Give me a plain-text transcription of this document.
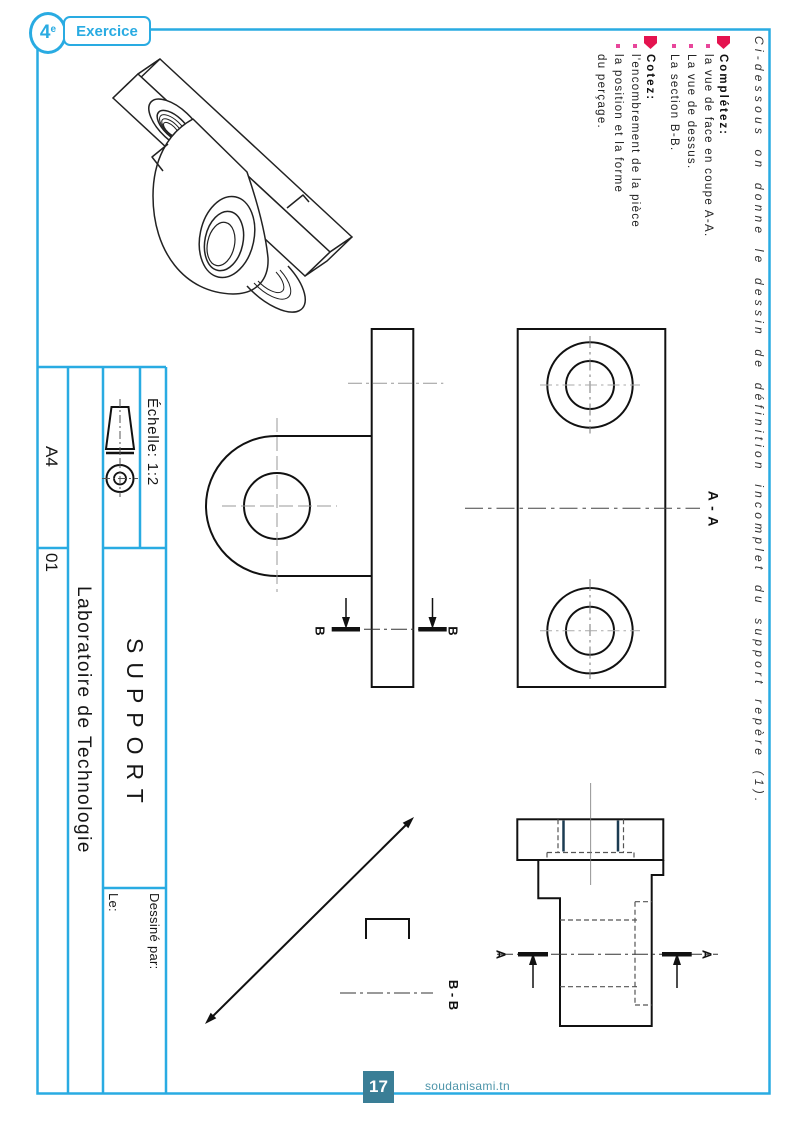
B	B
A - A
B - B
A	A
4e Exercice
Ci-dessous on donne le dessin de définition incomplet du support repère (1).
Complétez:
la vue de face en coupe A-A.
La vue de dessus.
La section B-B.
Cotez:
l'encombrement de la pièce
la position et la forme du perçage.
A4
01
Laboratoire de Technologie
Échelle: 1:2
SUPPORT
Dessiné par:
Le:
17	soudanisami.tn
